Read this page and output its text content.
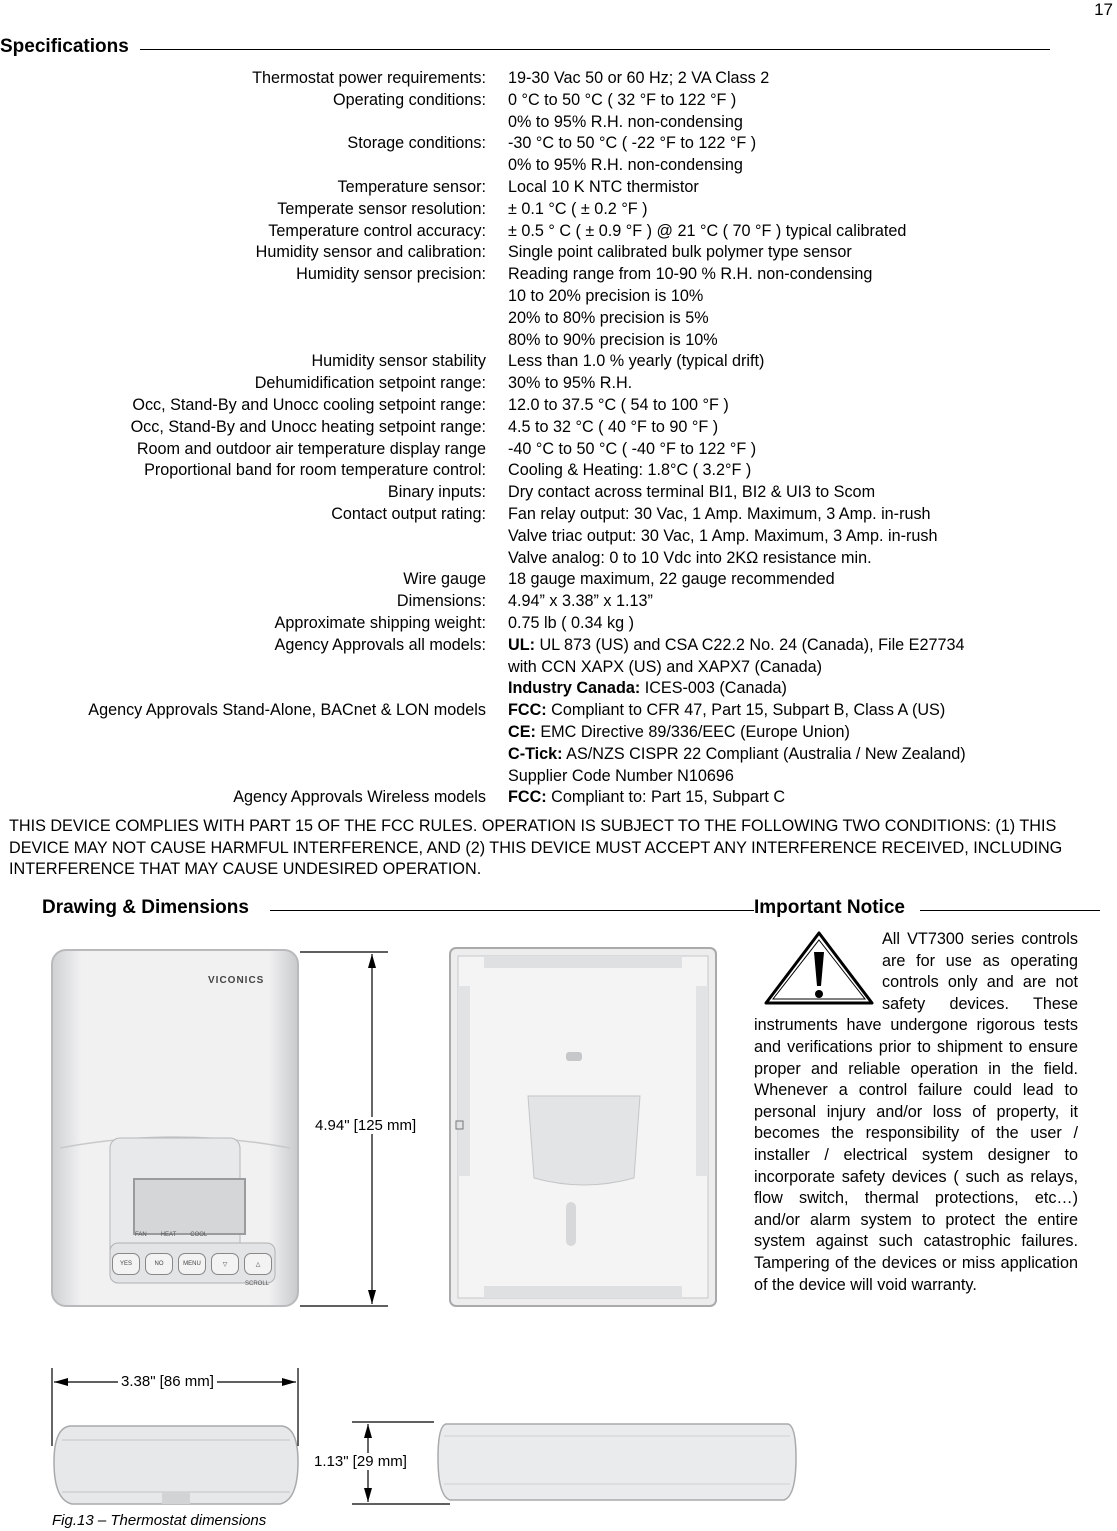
17
Specifications
Thermostat power requirements: 19-30 Vac 50 or 60 Hz; 2 VA Class 2
Operating conditions: 0 °C to 50 °C ( 32 °F to 122 °F )
0% to 95% R.H. non-condensing
Storage conditions: -30 °C to 50 °C ( -22 °F to 122 °F )
0% to 95% R.H. non-condensing
Temperature sensor: Local 10 K NTC thermistor
Temperate sensor resolution: ± 0.1 °C ( ± 0.2 °F )
Temperature control accuracy: ± 0.5 ° C ( ± 0.9 °F ) @ 21 °C ( 70 °F ) typical calibrated
Humidity sensor and calibration: Single point calibrated bulk polymer type sensor
Humidity sensor precision: Reading range from 10-90 % R.H. non-condensing
10 to 20% precision is 10%
20% to 80% precision is 5%
80% to 90% precision is 10%
Humidity sensor stability Less than 1.0 % yearly (typical drift)
Dehumidification setpoint range: 30% to 95% R.H.
Occ, Stand-By and Unocc cooling setpoint range: 12.0 to 37.5 °C ( 54 to 100 °F )
Occ, Stand-By and Unocc heating setpoint range: 4.5 to 32 °C ( 40 °F to 90 °F )
Room and outdoor air temperature display range -40 °C to 50 °C ( -40 °F to 122 °F )
Proportional band for room temperature control: Cooling & Heating: 1.8°C ( 3.2°F )
Binary inputs: Dry contact across terminal BI1, BI2 & UI3 to Scom
Contact output rating: Fan relay output: 30 Vac, 1 Amp. Maximum, 3 Amp. in-rush
Valve triac output: 30 Vac, 1 Amp. Maximum, 3 Amp. in-rush
Valve analog: 0 to 10 Vdc into 2KΩ resistance min.
Wire gauge 18 gauge maximum, 22 gauge recommended
Dimensions: 4.94” x 3.38” x 1.13”
Approximate shipping weight: 0.75 lb ( 0.34 kg )
Agency Approvals all models: UL: UL 873 (US) and CSA C22.2 No. 24 (Canada), File E27734
with CCN XAPX (US) and XAPX7 (Canada)
Industry Canada: ICES-003 (Canada)
Agency Approvals Stand-Alone, BACnet & LON models FCC: Compliant to CFR 47, Part 15, Subpart B, Class A (US)
CE: EMC Directive 89/336/EEC (Europe Union)
C-Tick: AS/NZS CISPR 22 Compliant (Australia / New Zealand)
Supplier Code Number N10696
Agency Approvals Wireless models FCC: Compliant to: Part 15, Subpart C
THIS DEVICE COMPLIES WITH PART 15 OF THE FCC RULES. OPERATION IS SUBJECT TO THE FOLLOWING TWO CONDITIONS: (1) THIS DEVICE MAY NOT CAUSE HARMFUL INTERFERENCE, AND (2) THIS DEVICE MUST ACCEPT ANY INTERFERENCE RECEIVED, INCLUDING INTERFERENCE THAT MAY CAUSE UNDESIRED OPERATION.
Drawing & Dimensions	Important Notice
All VT7300 series controls are for use as operating controls only and are not safety devices. These instruments have undergone rigorous tests and verifications prior to shipment to ensure proper and reliable operation in the field. Whenever a control failure could lead to personal injury and/or loss of property, it becomes the responsibility of the user / installer / electrical system designer to incorporate safety devices ( such as relays, flow switch, thermal protections, etc…) and/or alarm system to protect the entire system against such catastrophic failures. Tampering of the devices or miss application of the device will void warranty.
VICONICS
FAN HEAT COOL
YES	NO	MENU	▽	△
SCROLL
4.94" [125 mm]
3.38" [86 mm]
1.13" [29 mm]
Fig.13 – Thermostat dimensions
